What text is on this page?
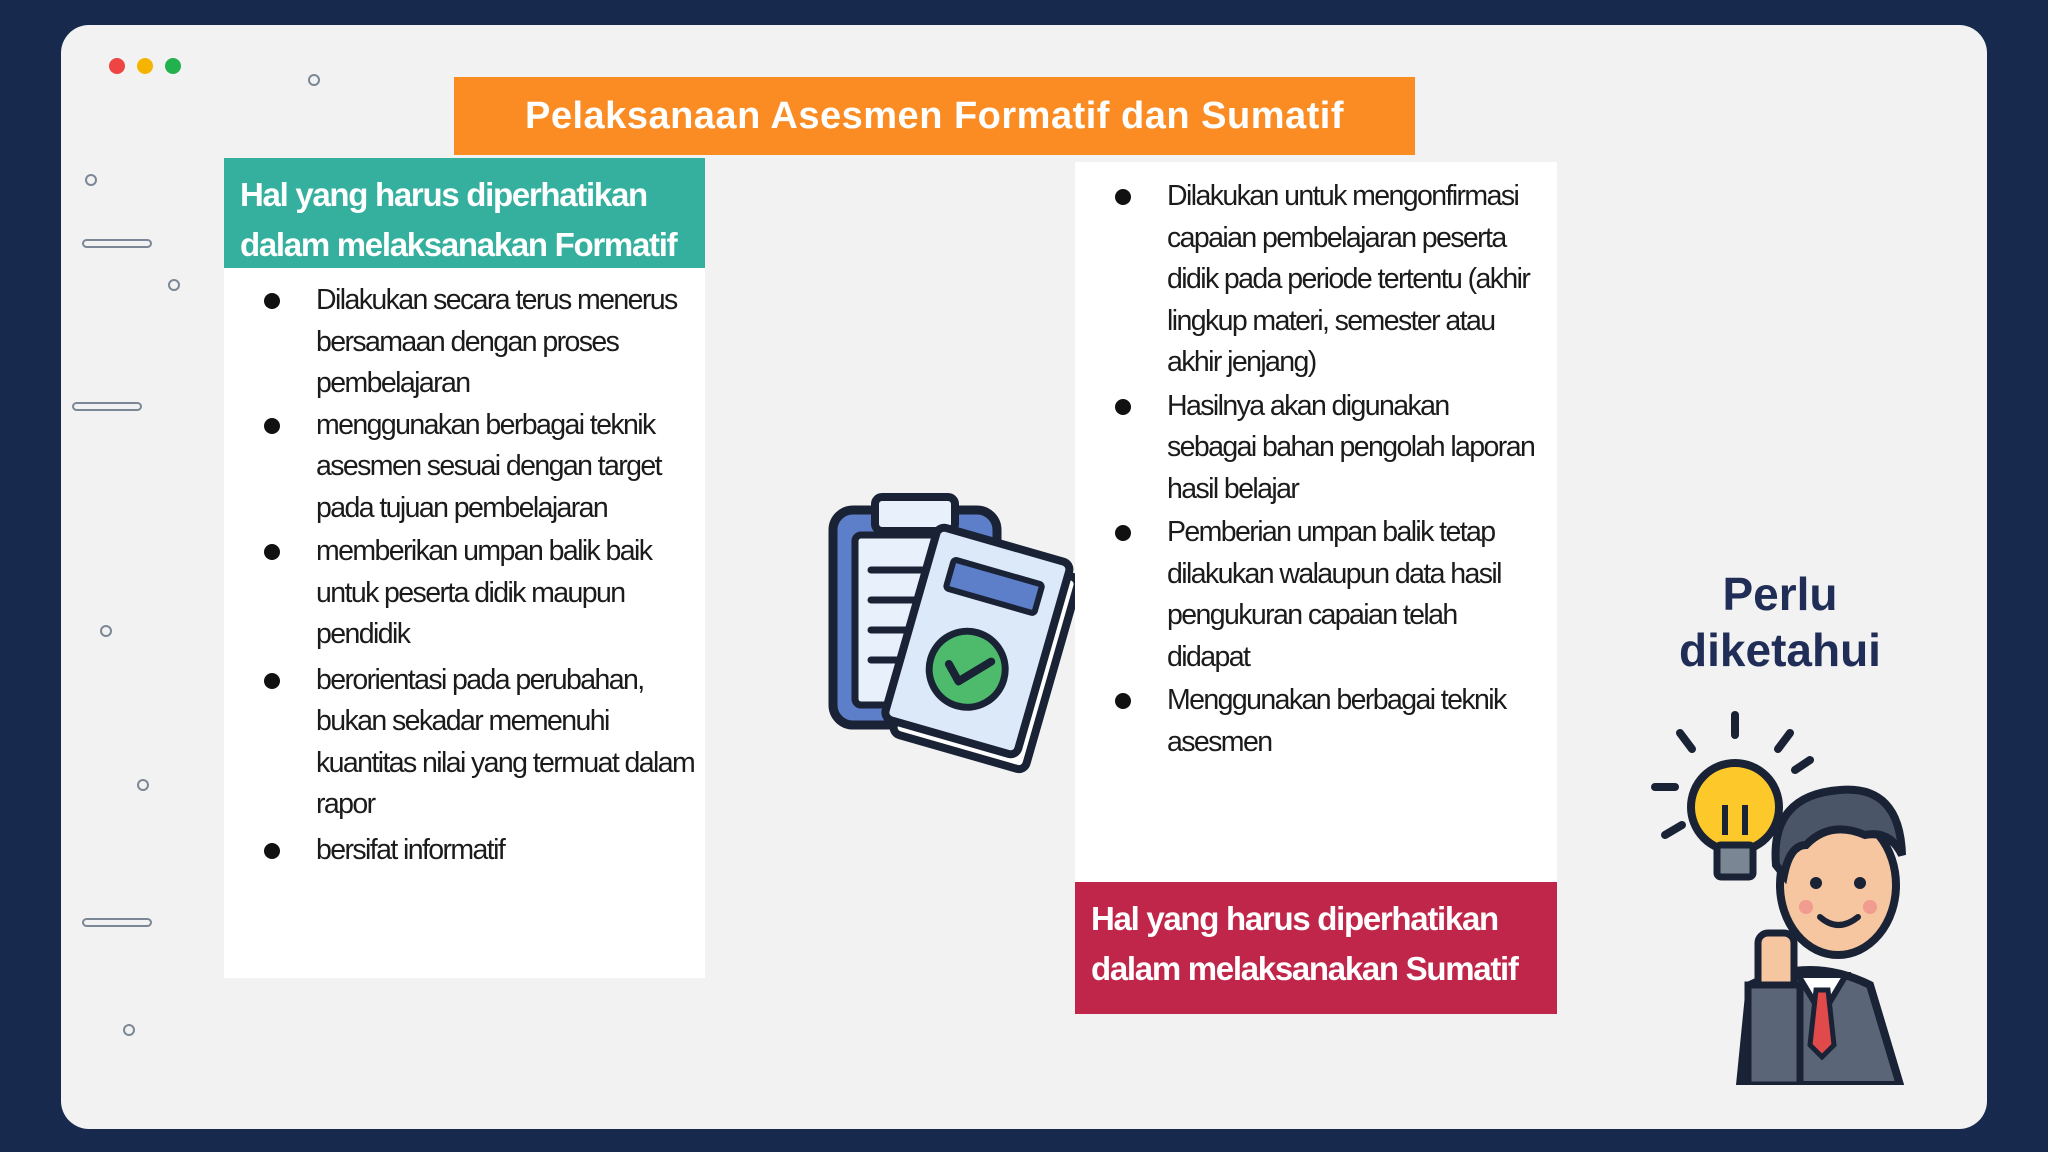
Pelaksanaan Asesmen Formatif dan Sumatif
Hal yang harus diperhatikan
dalam melaksanakan Formatif
Dilakukan secara terus menerus bersamaan dengan proses pembelajaran
menggunakan berbagai teknik asesmen sesuai dengan target pada tujuan pembelajaran
memberikan umpan balik baik untuk peserta didik maupun pendidik
berorientasi pada perubahan, bukan sekadar memenuhi kuantitas nilai yang termuat dalam rapor
bersifat informatif
Dilakukan untuk mengonfirmasi capaian pembelajaran peserta didik pada periode tertentu (akhir lingkup materi, semester atau akhir jenjang)
Hasilnya akan digunakan sebagai bahan pengolah laporan hasil belajar
Pemberian umpan balik tetap dilakukan walaupun data hasil pengukuran capaian telah didapat
Menggunakan berbagai teknik asesmen
Hal yang harus diperhatikan
dalam melaksanakan Sumatif
Perlu
diketahui
